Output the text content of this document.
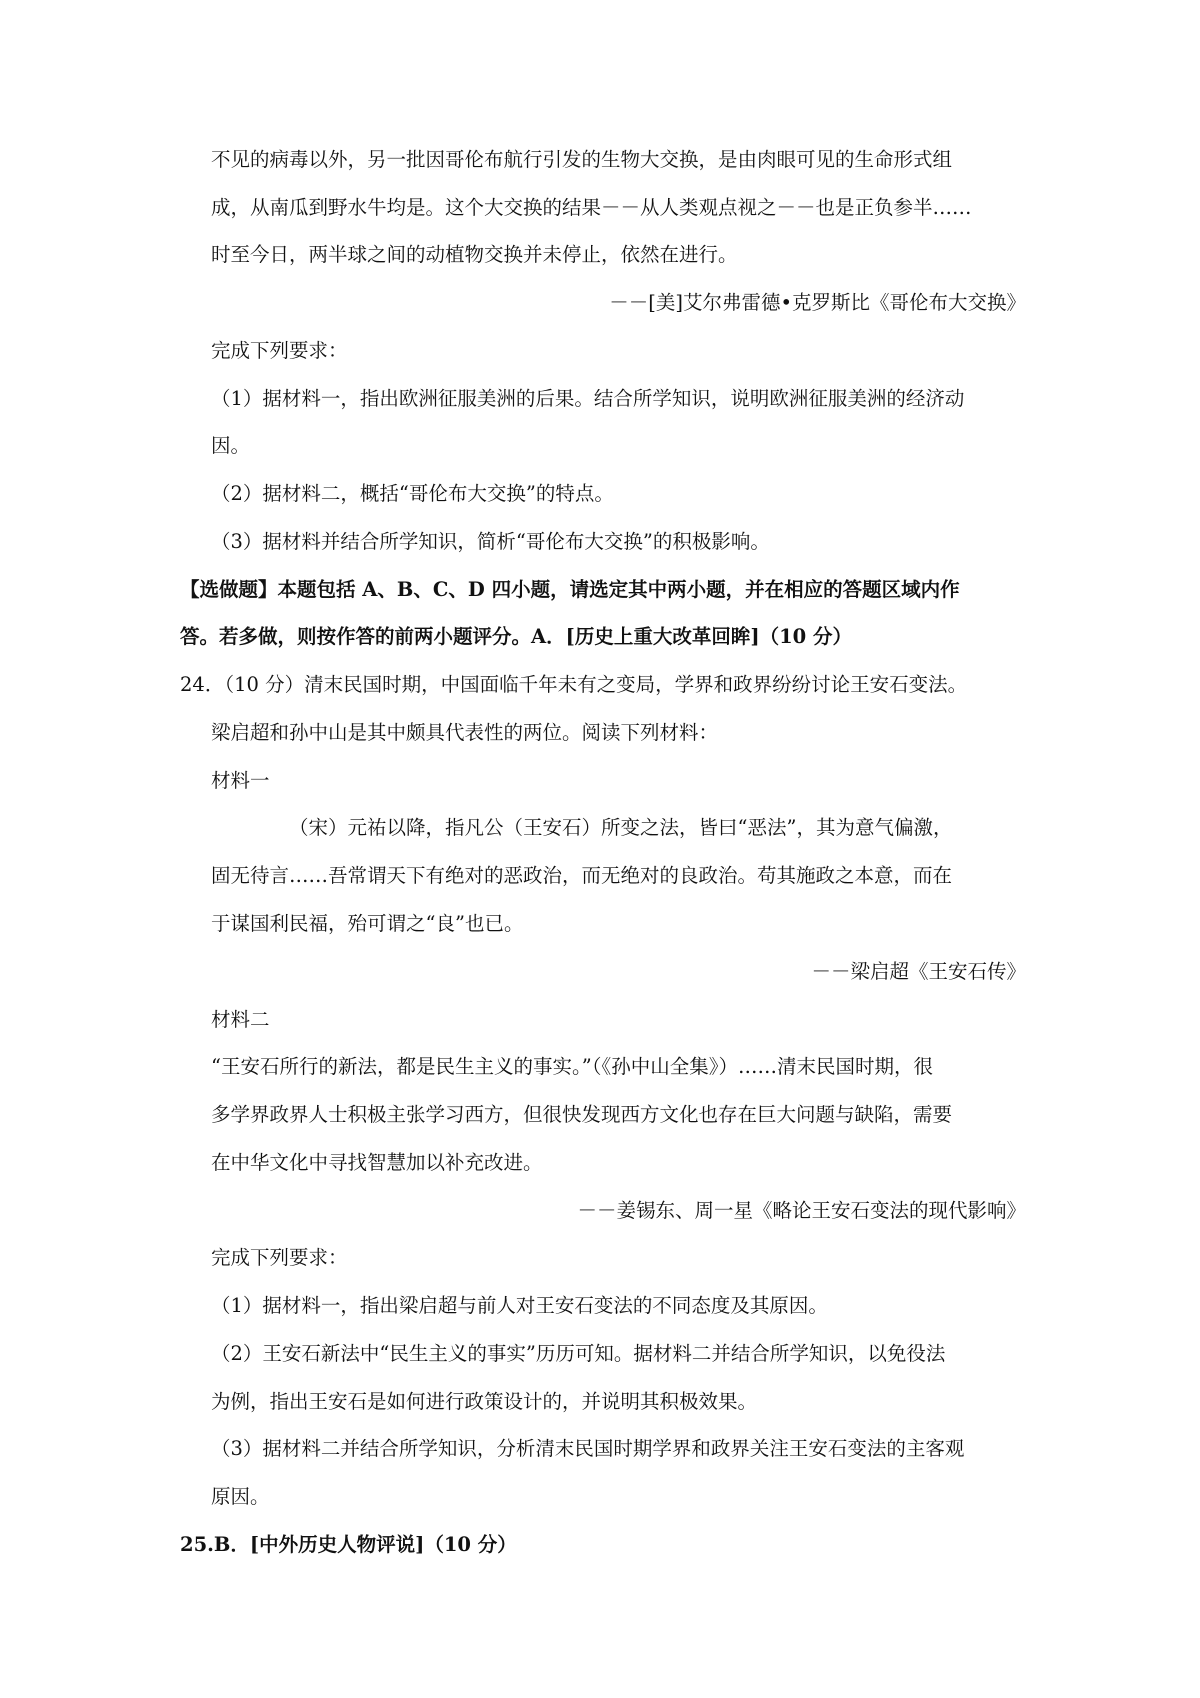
不见的病毒以外，另一批因哥伦布航行引发的生物大交换，是由肉眼可见的生命形式组
成，从南瓜到野水牛均是。这个大交换的结果－－从人类观点视之－－也是正负参半……
时至今日，两半球之间的动植物交换并未停止，依然在进行。
－－[美]艾尔弗雷德•克罗斯比《哥伦布大交换》
完成下列要求：
（1）据材料一，指出欧洲征服美洲的后果。结合所学知识，说明欧洲征服美洲的经济动
因。
（2）据材料二，概括“哥伦布大交换”的特点。
（3）据材料并结合所学知识，简析“哥伦布大交换”的积极影响。
【选做题】本题包括 A、B、C、D 四小题，请选定其中两小题，并在相应的答题区域内作
答。若多做，则按作答的前两小题评分。A．[历史上重大改革回眸]（10 分）
24．（10 分）清末民国时期，中国面临千年未有之变局，学界和政界纷纷讨论王安石变法。
梁启超和孙中山是其中颇具代表性的两位。阅读下列材料：
材料一
（宋）元祐以降，指凡公（王安石）所变之法，皆曰“恶法”，其为意气偏激，
固无待言……吾常谓天下有绝对的恶政治，而无绝对的良政治。苟其施政之本意，而在
于谋国利民福，殆可谓之“良”也已。
－－梁启超《王安石传》
材料二
“王安石所行的新法，都是民生主义的事实。”（《孙中山全集》）……清末民国时期，很
多学界政界人士积极主张学习西方，但很快发现西方文化也存在巨大问题与缺陷，需要
在中华文化中寻找智慧加以补充改进。
－－姜锡东、周一星《略论王安石变法的现代影响》
完成下列要求：
（1）据材料一，指出梁启超与前人对王安石变法的不同态度及其原因。
（2）王安石新法中“民生主义的事实”历历可知。据材料二并结合所学知识，以免役法
为例，指出王安石是如何进行政策设计的，并说明其积极效果。
（3）据材料二并结合所学知识，分析清末民国时期学界和政界关注王安石变法的主客观
原因。
25.B．[中外历史人物评说]（10 分）
